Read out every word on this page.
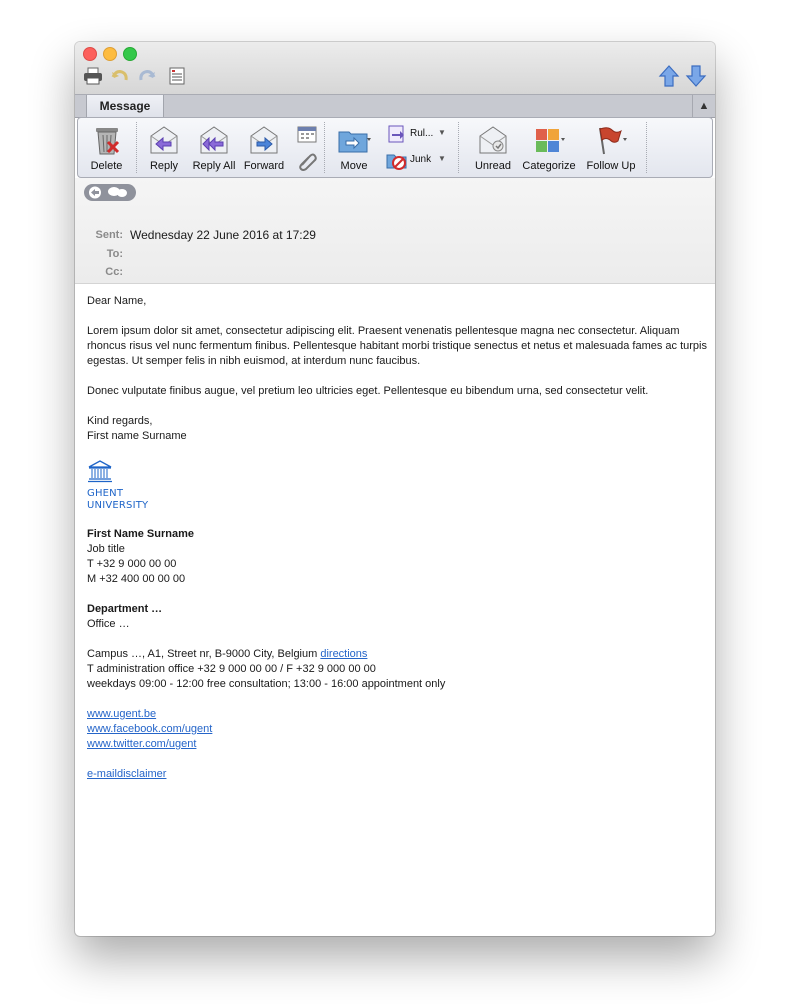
Message	▲
Delete	Reply	Reply All Forward	Move
Rul... ▼
Junk ▼
Unread	Categorize Follow Up
Sent: Wednesday 22 June 2016 at 17:29
To:
Cc:

Dear Name,

Lorem ipsum dolor sit amet, consectetur adipiscing elit. Praesent venenatis pellentesque magna nec consectetur. Aliquam rhoncus risus vel nunc fermentum finibus. Pellentesque habitant morbi tristique senectus et netus et malesuada fames ac turpis egestas. Ut semper felis in nibh euismod, at interdum nunc faucibus.

Donec vulputate finibus augue, vel pretium leo ultricies eget. Pellentesque eu bibendum urna, sed consectetur velit.

Kind regards,
First name Surname

GHENT
UNIVERSITY

First Name Surname
Job title
T +32 9 000 00 00
M +32 400 00 00 00

Department …
Office …

Campus …, A1, Street nr, B-9000 City, Belgium directions
T administration office +32 9 000 00 00 / F +32 9 000 00 00
weekdays 09:00 - 12:00 free consultation; 13:00 - 16:00 appointment only

www.ugent.be
www.facebook.com/ugent
www.twitter.com/ugent

e-maildisclaimer
